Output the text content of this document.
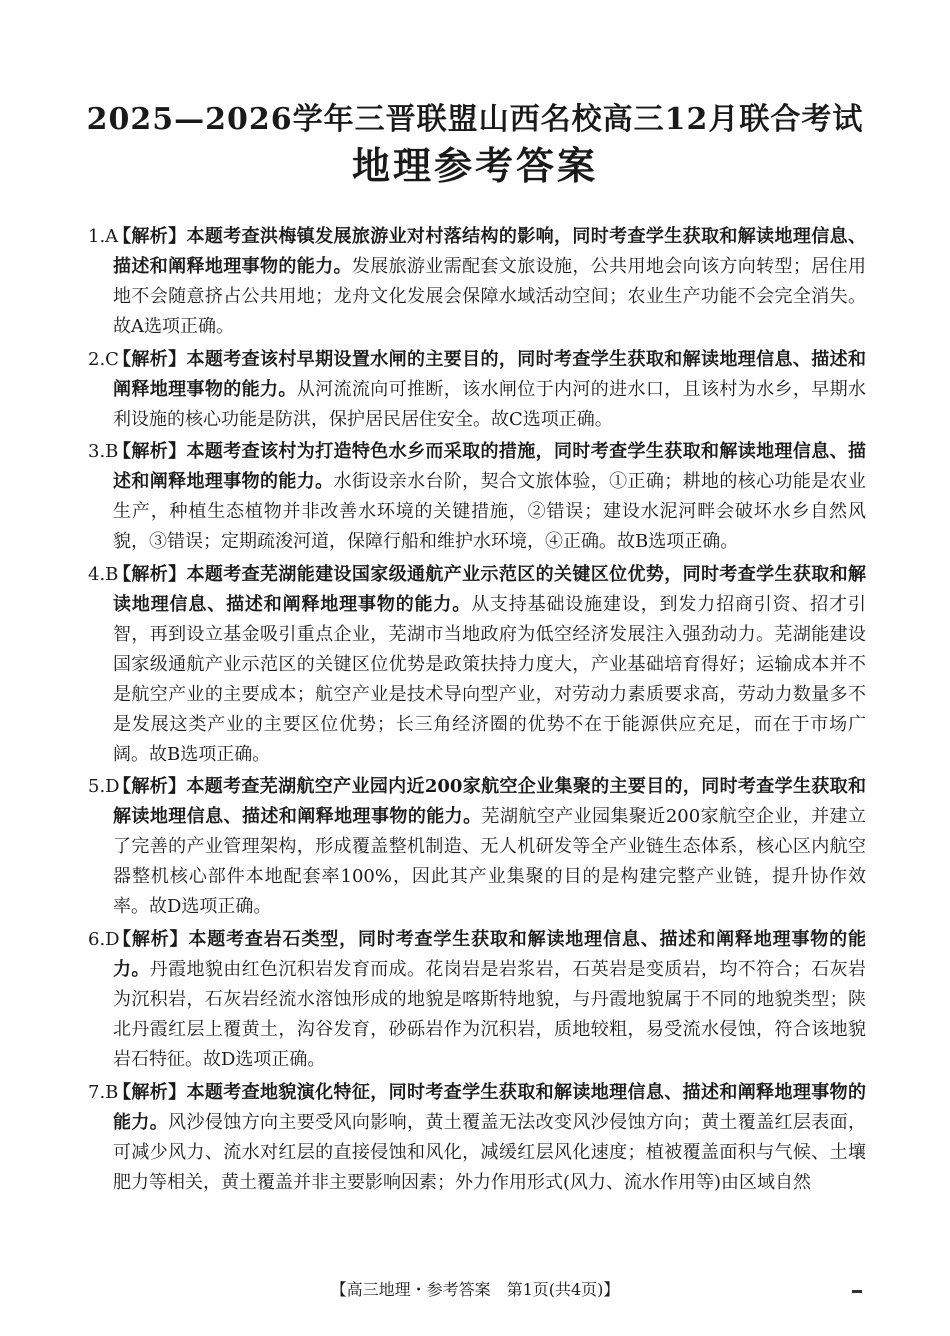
2025—2026学年三晋联盟山西名校高三12月联合考试
地理参考答案
1.A
【解析】本题考查洪梅镇发展旅游业对村落结构的影响，同时考查学生获取和解读地理信息、描述和阐释地理事物的能力。发展旅游业需配套文旅设施，公共用地会向该方向转型；居住用地不会随意挤占公共用地；龙舟文化发展会保障水域活动空间；农业生产功能不会完全消失。故A选项正确。
2.C
【解析】本题考查该村早期设置水闸的主要目的，同时考查学生获取和解读地理信息、描述和阐释地理事物的能力。从河流流向可推断，该水闸位于内河的进水口，且该村为水乡，早期水利设施的核心功能是防洪，保护居民居住安全。故C选项正确。
3.B
【解析】本题考查该村为打造特色水乡而采取的措施，同时考查学生获取和解读地理信息、描述和阐释地理事物的能力。水街设亲水台阶，契合文旅体验，①正确；耕地的核心功能是农业生产，种植生态植物并非改善水环境的关键措施，②错误；建设水泥河畔会破坏水乡自然风貌，③错误；定期疏浚河道，保障行船和维护水环境，④正确。故B选项正确。
4.B
【解析】本题考查芜湖能建设国家级通航产业示范区的关键区位优势，同时考查学生获取和解读地理信息、描述和阐释地理事物的能力。从支持基础设施建设，到发力招商引资、招才引智，再到设立基金吸引重点企业，芜湖市当地政府为低空经济发展注入强劲动力。芜湖能建设国家级通航产业示范区的关键区位优势是政策扶持力度大，产业基础培育得好；运输成本并不是航空产业的主要成本；航空产业是技术导向型产业，对劳动力素质要求高，劳动力数量多不是发展这类产业的主要区位优势；长三角经济圈的优势不在于能源供应充足，而在于市场广阔。故B选项正确。
5.D
【解析】本题考查芜湖航空产业园内近200家航空企业集聚的主要目的，同时考查学生获取和解读地理信息、描述和阐释地理事物的能力。芜湖航空产业园集聚近200家航空企业，并建立了完善的产业管理架构，形成覆盖整机制造、无人机研发等全产业链生态体系，核心区内航空器整机核心部件本地配套率100%，因此其产业集聚的目的是构建完整产业链，提升协作效率。故D选项正确。
6.D
【解析】本题考查岩石类型，同时考查学生获取和解读地理信息、描述和阐释地理事物的能力。丹霞地貌由红色沉积岩发育而成。花岗岩是岩浆岩，石英岩是变质岩，均不符合；石灰岩为沉积岩，石灰岩经流水溶蚀形成的地貌是喀斯特地貌，与丹霞地貌属于不同的地貌类型；陕北丹霞红层上覆黄土，沟谷发育，砂砾岩作为沉积岩，质地较粗，易受流水侵蚀，符合该地貌岩石特征。故D选项正确。
7.B
【解析】本题考查地貌演化特征，同时考查学生获取和解读地理信息、描述和阐释地理事物的能力。风沙侵蚀方向主要受风向影响，黄土覆盖无法改变风沙侵蚀方向；黄土覆盖红层表面，可减少风力、流水对红层的直接侵蚀和风化，减缓红层风化速度；植被覆盖面积与气候、土壤肥力等相关，黄土覆盖并非主要影响因素；外力作用形式(风力、流水作用等)由区域自然
【高三地理・参考答案　第1页(共4页)】
